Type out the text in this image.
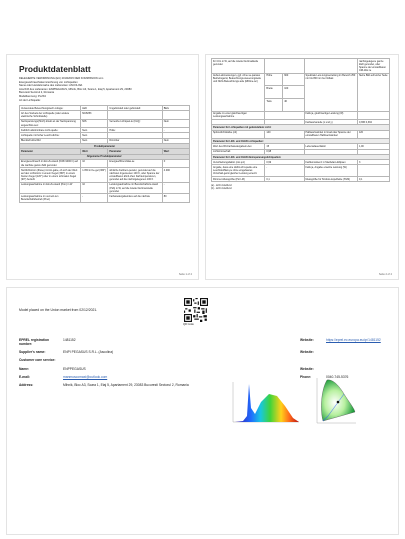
Produktdatenblatt
DELEGIERTE VERORDNUNG (EU) 2019/2015 DER KOMMISSION vom
Energieverbrauchskennzeichnung von Lichtquellen
Name oder Handelsmarke des Lieferanten: ASCOLINA
Anschrift des Lieferanten: ENPPEGASUS, Mihnik, Bloc A3, Scara 1, Etaj 5, Apartament 29, 23083
Bucuresti Sectorul 2, Romania
Modellkennung: PL2S3
Art der Lichtquelle:
Verwendete Beleuchtungstech-nologie:	LED	Ungebündelt oder gebündelt:	BEG
Art des Sockels der Lichtquelle (oder andere elektrische Schnittstelle)	MU8253		
Netzspannungs(Hoch) direkt an der Netzspannung angeschlos-sen:	MIS	Vernetzte Lichtquel-le (KLQ):	Nein
Farblich abstimmbare Licht-quelle:	Nein	Hülle:	-
Lichtquelle mit hoher Leucht-dichte:	Nein		
Blendschutzschild	Nein	Dimmbar	Nein
Produktparameter			
Parameter	Wert	Parameter	Wert
Allgemeine Produktparameter:			
Energieverbrauch im Ein-Zu-stand (KWh/1000 h) auf die nächste ganze Zahl gerundet	10	Energieeffizienzklas-se	F
Nutzlichtstrom (Φuse) mit An-gabe, ob sich der Wert auf den Lichtstrom in einem Kegel (360°) in einem breiten Kegel (120°) oder in einem schmalen Kegel (90°) bezieht	1.050 in Ke-gel (360°)	ähnliche Farbtem-peratur, gerundet auf die nächsten Ingenieuren 100 K, oder Spanne der einstellbaren ähnli-chen Farbtemperaturen, gerundet auf die nächstgelegenen 100 K	4.000
Leistungsaufnahme im Ein-Zu-stand (Pon) in W	10	Leistungsaufnahme im Bereitschaftszu-stand (Psb) in W, auf die zweite Dezimal-stelle gerundet	-
Leistungsaufnahme im vernetz-ten Bereitschaftsbetrieb (Pnet)	-	Farbwiedergabeindex auf die nächste	80
Seite 1 of 4
für CCL in W, auf die zweite Dezimalstelle gerundet				nächstgelegene ganze Zahl gerundet, oder Spanne der einstellbaren CRI-Wer-te
Außen-abmessungen, ggf. ohne se-parates Betriebsgerät, Beleuchtungs-steuerungsteile und Nicht-Beleuchtungs-teile (Millime-ter)	Höhe	600	Spektrale Leis-tungsverteilung im Bereich 250 nm bis 800 nm bei Vollast	Siehe Bild auf letzter Seite
	Breite	100		
	Tiefe	46		
Angabe zu einer gleichwertigen Leistungsaufnahme			Falls ja, gleichwertige Leistung (W)	
			Farbwertanteile (x und y)	0,395 0,394
Parameter für Lichtquellen mit gebündeltem Licht:				
Spitzenlichtstärke (cd)	140		Halbwertswinkel in Grad oder Spanne der einstellbaren Halbwertswinkel	120
Parameter für LED- und OLED-Lichtquellen:				
Wert des R9-Farbwiedergabein-dex	15		Lebensdauerfaktor	1,00
Lichtstromerhalt	0,98			
Parameter für LED- und OLED-Netzspannungslichtquellen:				
Verschiebungsfaktor (cos φ1)	0,99		Farbkonsistenz in MacAdam-Ellipsen	3
Angabe, dass eine LED-Licht-quelle eine Leuchtstofflam-pe ohne eingebautes Vorschalt-gerät gleicher Leistung ersetzt.	-		Falls ja, Angabe ersetzte Leistung (W)	
Flimmer-Messgröße (Pst LM)	0,1		Messgröße für Strobos-kopeffekte (SVM)	0,1
(a) - nicht zutreffend
(b) - nicht zutreffend
Seite 2 of 4
Model placed on the Union market from 02/12/2021.
QR Code
EPREL registration number:
1481152	Website:	https://eprel.ec.europa.eu/qr/1481152
Supplier's name:	ENPI PEGASUS S.R.L. (Ascolina)	Website:
Customer care service:
Name:	ENPPEGASUS	Website:
E-mail:	manmuscomaxi@outlook.com	Phone:	0040-745-5376
Address:	Mihnik, Bloc A3, Scara 1, Etaj 5, Apartament 29, 23083 Bucuresti Sectorul 2, Romania
